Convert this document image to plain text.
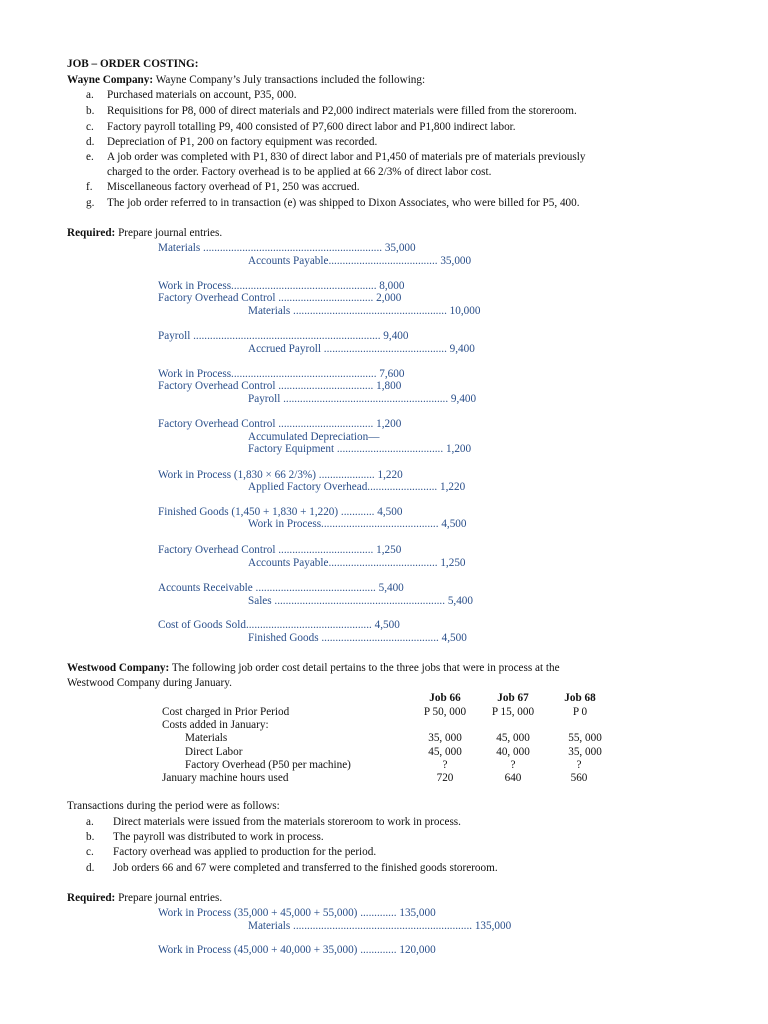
JOB – ORDER COSTING:
Wayne Company: Wayne Company’s July transactions included the following:
a. Purchased materials on account, P35, 000.
b. Requisitions for P8, 000 of direct materials and P2,000 indirect materials were filled from the storeroom.
c. Factory payroll totalling P9, 400 consisted of P7,600 direct labor and P1,800 indirect labor.
d. Depreciation of P1, 200 on factory equipment was recorded.
e. A job order was completed with P1, 830 of direct labor and P1,450 of materials pre of materials previously
charged to the order. Factory overhead is to be applied at 66 2/3% of direct labor cost.
f. Miscellaneous factory overhead of P1, 250 was accrued.
g. The job order referred to in transaction (e) was shipped to Dixon Associates, who were billed for P5, 400.
Required: Prepare journal entries.
Materials ................................................................ 35,000
Accounts Payable....................................... 35,000
Work in Process.................................................... 8,000
Factory Overhead Control .................................. 2,000
Materials ....................................................... 10,000
Payroll ................................................................... 9,400
Accrued Payroll ............................................ 9,400
Work in Process.................................................... 7,600
Factory Overhead Control .................................. 1,800
Payroll ........................................................... 9,400
Factory Overhead Control .................................. 1,200
Accumulated Depreciation—
Factory Equipment ...................................... 1,200
Work in Process (1,830 × 66 2/3%) .................... 1,220
Applied Factory Overhead......................... 1,220
Finished Goods (1,450 + 1,830 + 1,220) ............ 4,500
Work in Process.......................................... 4,500
Factory Overhead Control .................................. 1,250
Accounts Payable....................................... 1,250
Accounts Receivable ........................................... 5,400
Sales ............................................................. 5,400
Cost of Goods Sold............................................. 4,500
Finished Goods .......................................... 4,500
Westwood Company: The following job order cost detail pertains to the three jobs that were in process at the
Westwood Company during January.
Job 66	Job 67	Job 68
Cost charged in Prior Period	P 50, 000	P 15, 000	P 0
Costs added in January:
Materials	35, 000	45, 000	55, 000
Direct Labor	45, 000	40, 000	35, 000
Factory Overhead (P50 per machine)	?	?	?
January machine hours used	720	640	560
Transactions during the period were as follows:
a. Direct materials were issued from the materials storeroom to work in process.
b. The payroll was distributed to work in process.
c. Factory overhead was applied to production for the period.
d. Job orders 66 and 67 were completed and transferred to the finished goods storeroom.
Required: Prepare journal entries.
Work in Process (35,000 + 45,000 + 55,000) ............. 135,000
Materials ................................................................ 135,000
Work in Process (45,000 + 40,000 + 35,000) ............. 120,000
